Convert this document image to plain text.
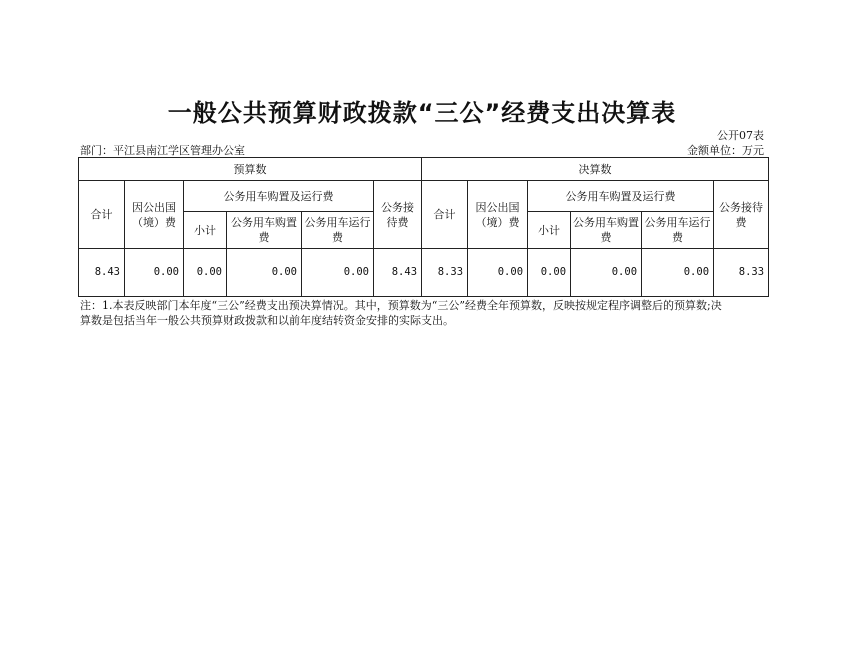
一般公共预算财政拨款“三公”经费支出决算表
公开07表
部门：平江县南江学区管理办公室	金额单位：万元
预算数						决算数					
合计	因公出国（境）费	公务用车购置及运行费			公务接待费	合计	因公出国（境）费	公务用车购置及运行费			公务接待费
		小计	公务用车购置费	公务用车运行费				小计	公务用车购置费	公务用车运行费	
8.43	0.00	0.00	0.00	0.00	8.43	8.33	0.00	0.00	0.00	0.00	8.33
注：1.本表反映部门本年度“三公”经费支出预决算情况。其中，预算数为“三公”经费全年预算数，反映按规定程序调整后的预算数;决
算数是包括当年一般公共预算财政拨款和以前年度结转资金安排的实际支出。
